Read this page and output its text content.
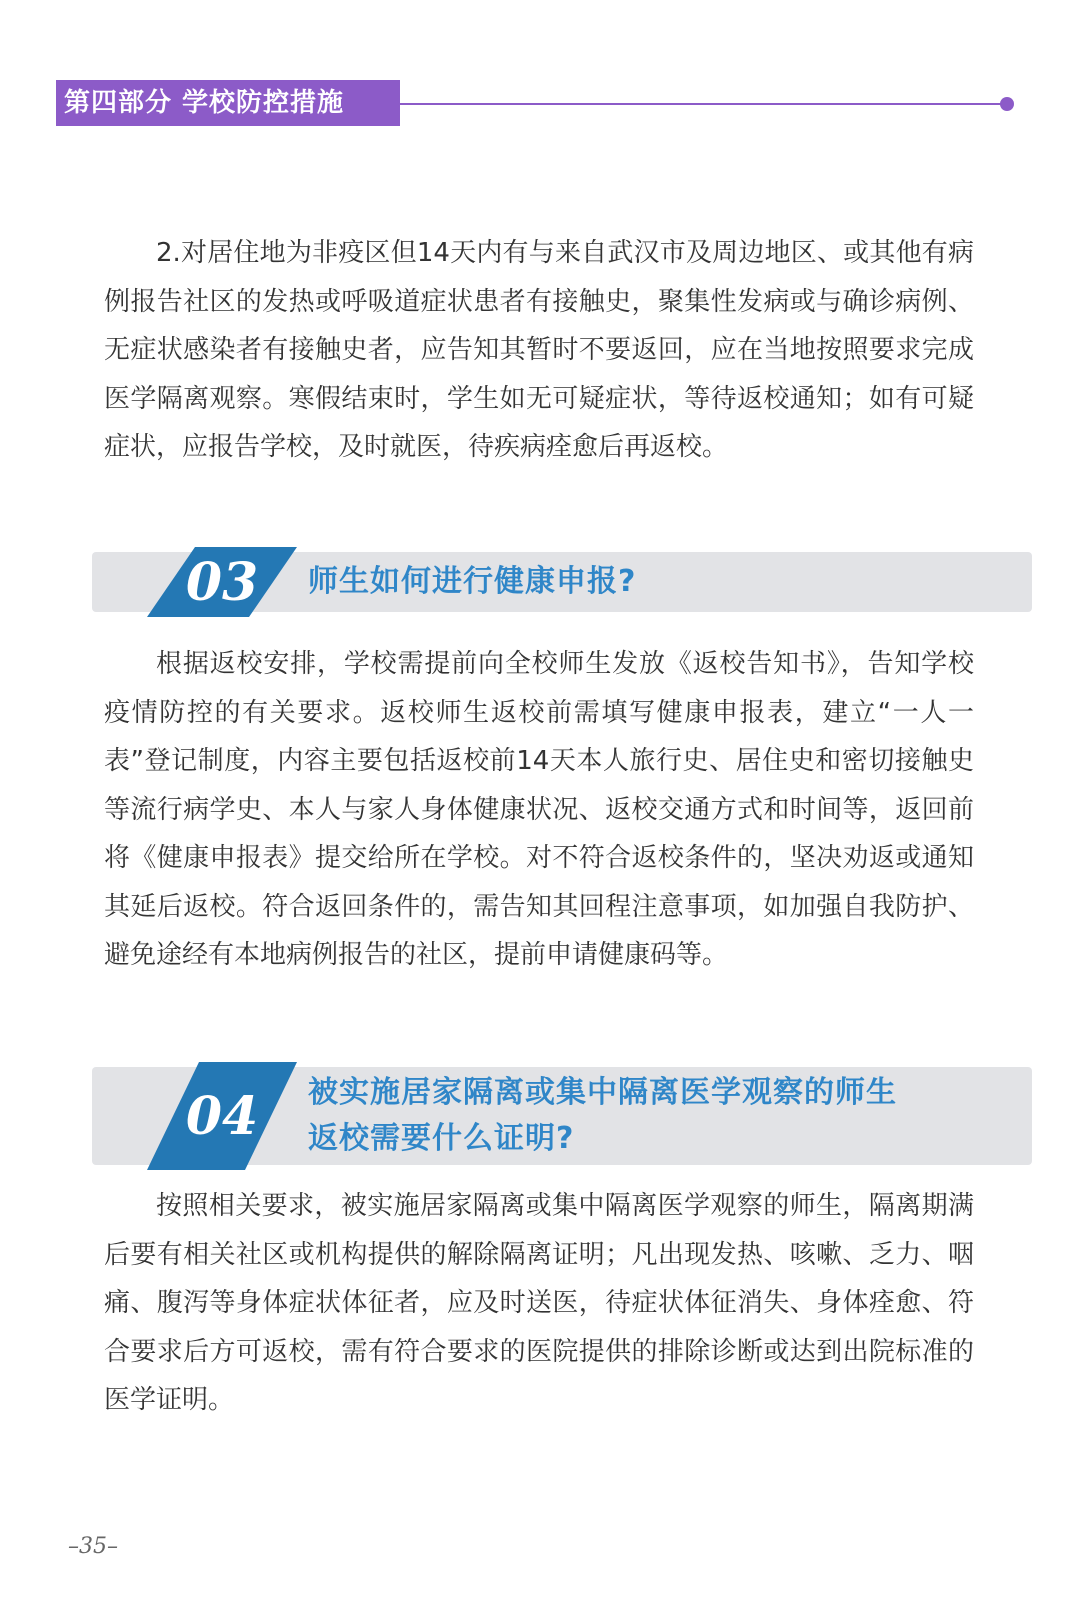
第四部分 学校防控措施

2.对居住地为非疫区但14天内有与来自武汉市及周边地区、或其他有病例报告社区的发热或呼吸道症状患者有接触史，聚集性发病或与确诊病例、无症状感染者有接触史者，应告知其暂时不要返回，应在当地按照要求完成医学隔离观察。寒假结束时，学生如无可疑症状，等待返校通知；如有可疑症状，应报告学校，及时就医，待疾病痊愈后再返校。

03	师生如何进行健康申报?

根据返校安排，学校需提前向全校师生发放《返校告知书》，告知学校疫情防控的有关要求。返校师生返校前需填写健康申报表，建立“一人一表”登记制度，内容主要包括返校前14天本人旅行史、居住史和密切接触史等流行病学史、本人与家人身体健康状况、返校交通方式和时间等，返回前将《健康申报表》提交给所在学校。对不符合返校条件的，坚决劝返或通知其延后返校。符合返回条件的，需告知其回程注意事项，如加强自我防护、避免途经有本地病例报告的社区，提前申请健康码等。

04	被实施居家隔离或集中隔离医学观察的师生
返校需要什么证明?

按照相关要求，被实施居家隔离或集中隔离医学观察的师生，隔离期满后要有相关社区或机构提供的解除隔离证明；凡出现发热、咳嗽、乏力、咽痛、腹泻等身体症状体征者，应及时送医，待症状体征消失、身体痊愈、符合要求后方可返校，需有符合要求的医院提供的排除诊断或达到出院标准的医学证明。

–35–
